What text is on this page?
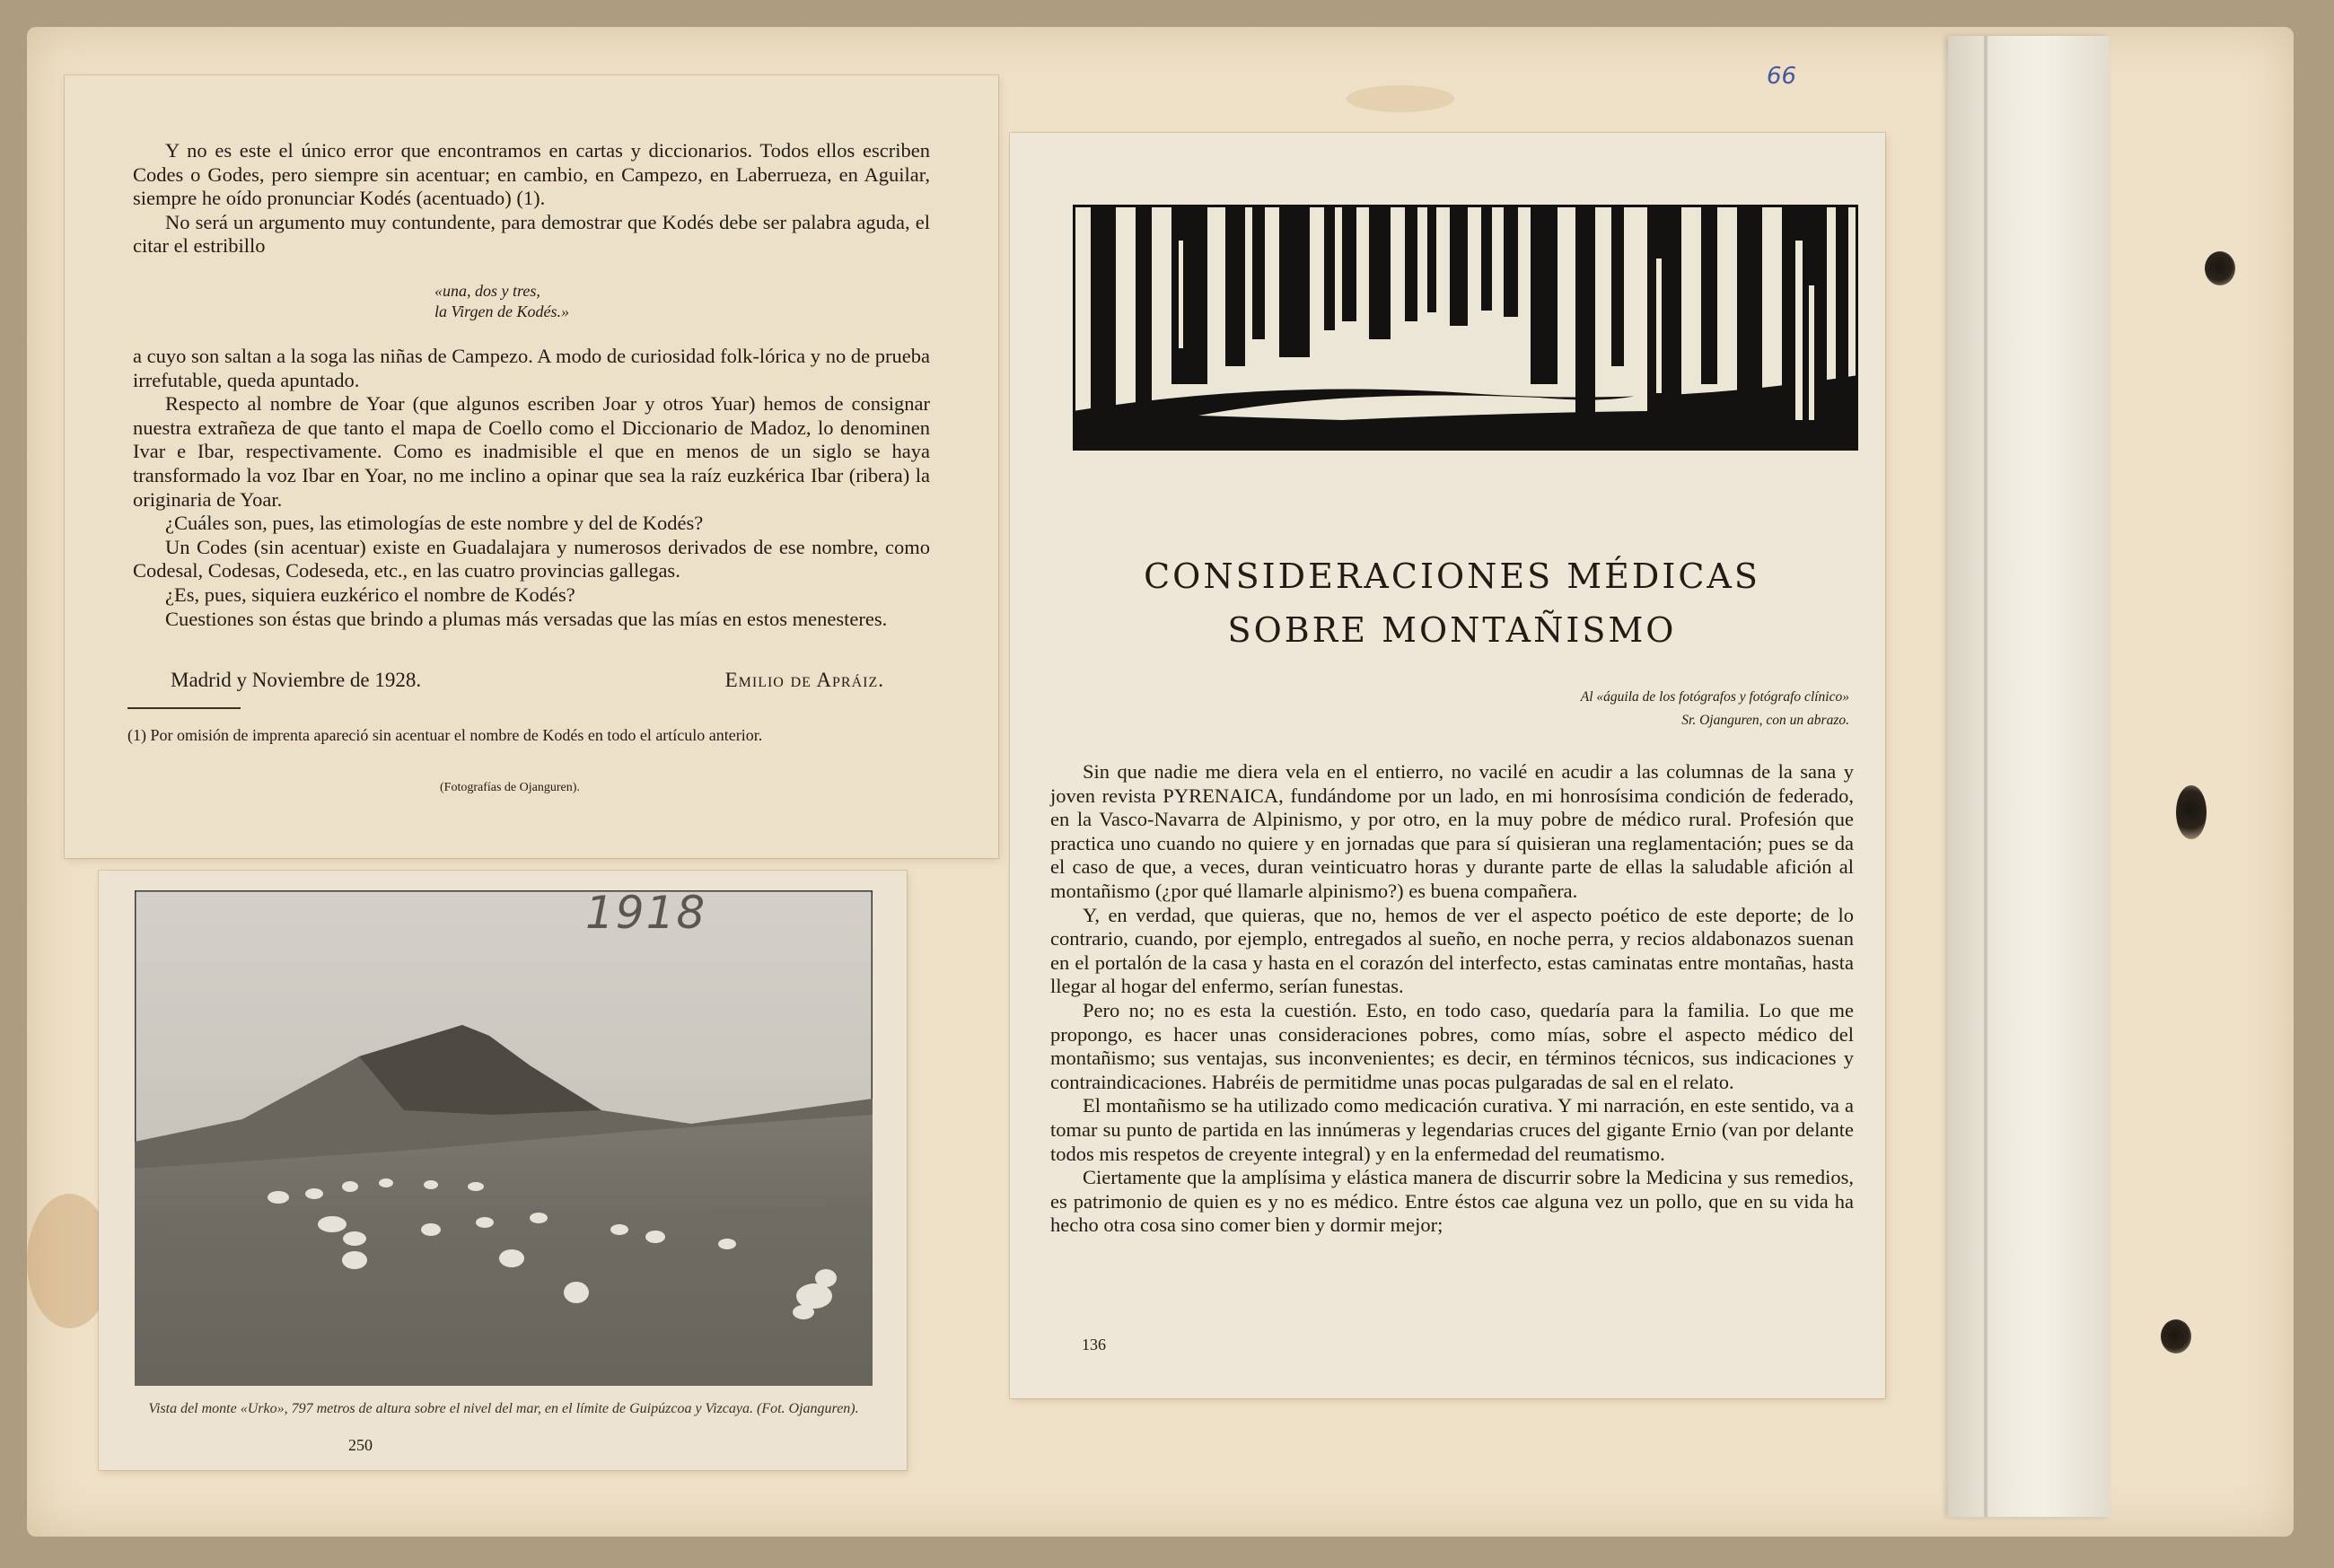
66

Y no es este el único error que encontramos en cartas y diccionarios. Todos ellos escriben Codes o Godes, pero siempre sin acentuar; en cambio, en Campezo, en Laberrueza, en Aguilar, siempre he oído pronunciar Kodés (acentuado) (1).

No será un argumento muy contundente, para demostrar que Kodés debe ser palabra aguda, el citar el estribillo

«una, dos y tres,
la Virgen de Kodés.»

a cuyo son saltan a la soga las niñas de Campezo. A modo de curiosidad folk-lórica y no de prueba irrefutable, queda apuntado.

Respecto al nombre de Yoar (que algunos escriben Joar y otros Yuar) hemos de consignar nuestra extrañeza de que tanto el mapa de Coello como el Diccionario de Madoz, lo denominen Ivar e Ibar, respectivamente. Como es inadmisible el que en menos de un siglo se haya transformado la voz Ibar en Yoar, no me inclino a opinar que sea la raíz euzkérica Ibar (ribera) la originaria de Yoar.

¿Cuáles son, pues, las etimologías de este nombre y del de Kodés?

Un Codes (sin acentuar) existe en Guadalajara y numerosos derivados de ese nombre, como Codesal, Codesas, Codeseda, etc., en las cuatro provincias gallegas.

¿Es, pues, siquiera euzkérico el nombre de Kodés?

Cuestiones son éstas que brindo a plumas más versadas que las mías en estos menesteres.

Madrid y Noviembre de 1928.	Emilio de Apráiz.
(1) Por omisión de imprenta apareció sin acentuar el nombre de Kodés en todo el artículo anterior.
(Fotografías de Ojanguren).
1918
Vista del monte «Urko», 797 metros de altura sobre el nivel del mar, en el límite de Guipúzcoa y Vizcaya. (Fot. Ojanguren).
250
CONSIDERACIONES MÉDICAS
SOBRE MONTAÑISMO
Al «águila de los fotógrafos y fotógrafo clínico»
Sr. Ojanguren, con un abrazo.

Sin que nadie me diera vela en el entierro, no vacilé en acudir a las columnas de la sana y joven revista PYRENAICA, fundándome por un lado, en mi honrosísima condición de federado, en la Vasco-Navarra de Alpinismo, y por otro, en la muy pobre de médico rural. Profesión que practica uno cuando no quiere y en jornadas que para sí quisieran una reglamentación; pues se da el caso de que, a veces, duran veinticuatro horas y durante parte de ellas la saludable afición al montañismo (¿por qué llamarle alpinismo?) es buena compañera.

Y, en verdad, que quieras, que no, hemos de ver el aspecto poético de este deporte; de lo contrario, cuando, por ejemplo, entregados al sueño, en noche perra, y recios aldabonazos suenan en el portalón de la casa y hasta en el corazón del interfecto, estas caminatas entre montañas, hasta llegar al hogar del enfermo, serían funestas.

Pero no; no es esta la cuestión. Esto, en todo caso, quedaría para la familia. Lo que me propongo, es hacer unas consideraciones pobres, como mías, sobre el aspecto médico del montañismo; sus ventajas, sus inconvenientes; es decir, en términos técnicos, sus indicaciones y contraindicaciones. Habréis de permitidme unas pocas pulgaradas de sal en el relato.

El montañismo se ha utilizado como medicación curativa. Y mi narración, en este sentido, va a tomar su punto de partida en las innúmeras y legendarias cruces del gigante Ernio (van por delante todos mis respetos de creyente integral) y en la enfermedad del reumatismo.

Ciertamente que la amplísima y elástica manera de discurrir sobre la Medicina y sus remedios, es patrimonio de quien es y no es médico. Entre éstos cae alguna vez un pollo, que en su vida ha hecho otra cosa sino comer bien y dormir mejor;

136
